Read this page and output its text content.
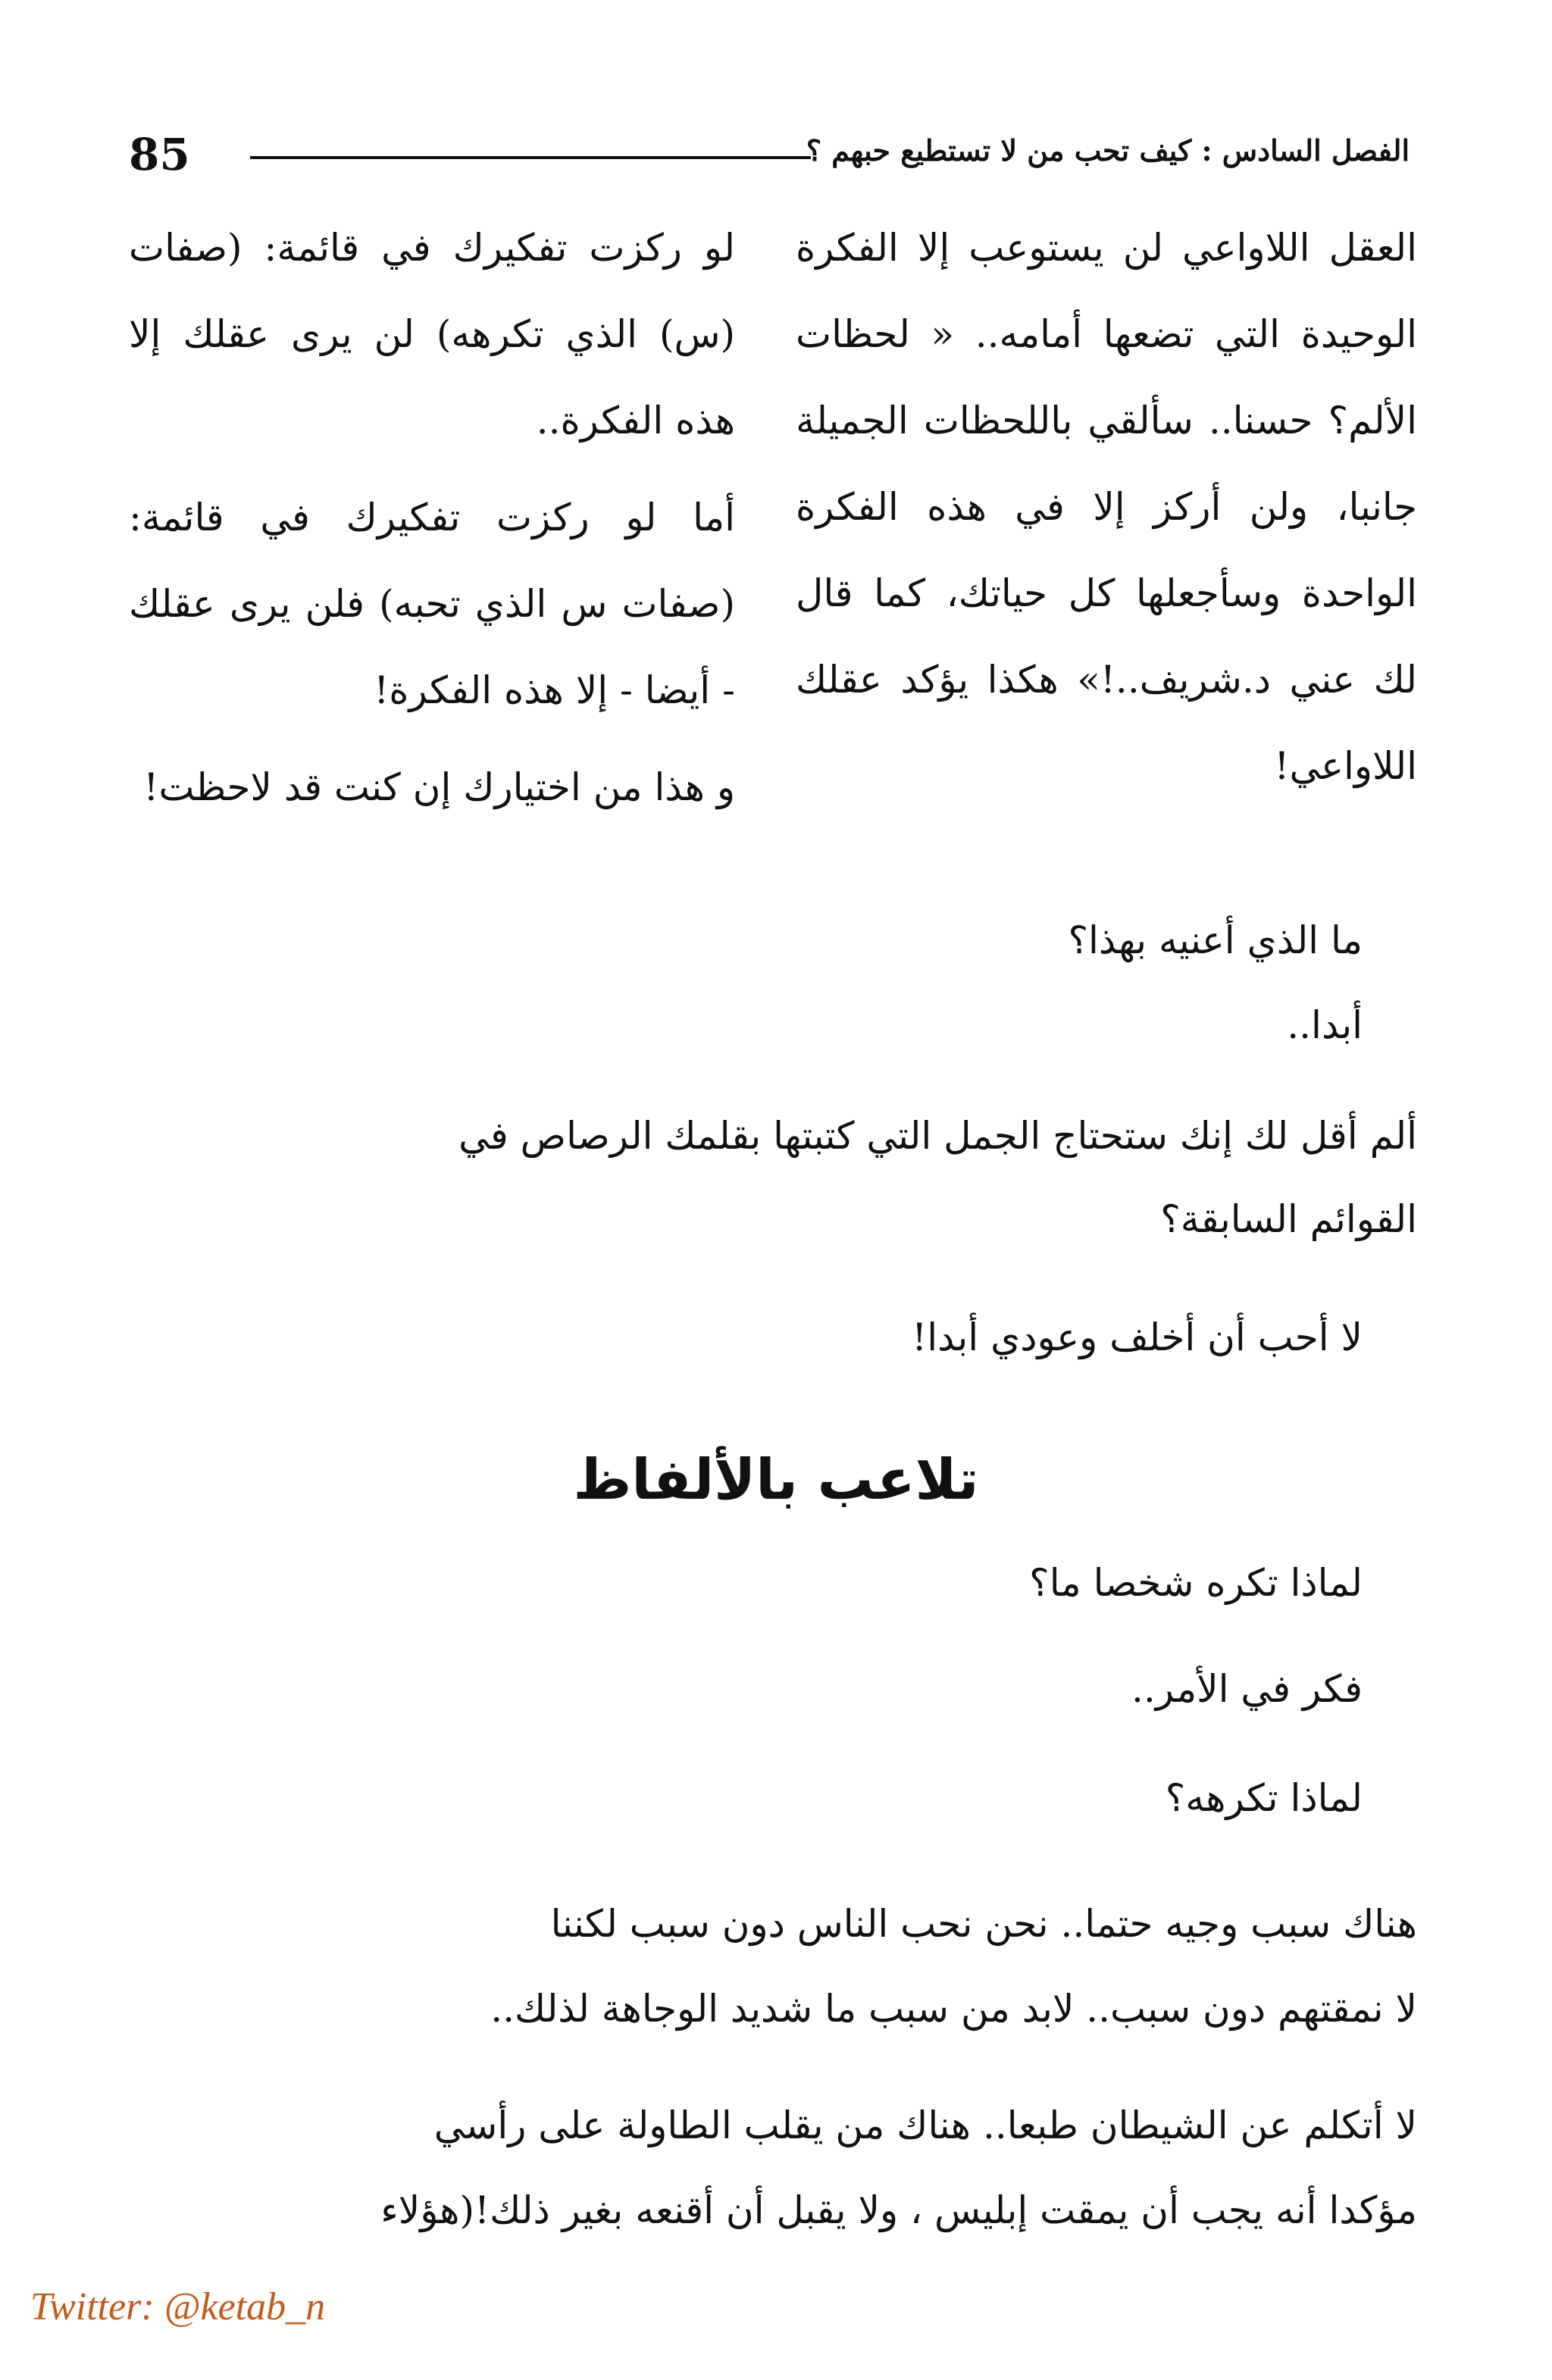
85	الفصل السادس : كيف تحب من لا تستطيع حبهم ؟

العقل اللاواعي لن يستوعب إلا الفكرة الوحيدة التي تضعها أمامه.. « لحظات الألم؟ حسنا.. سألقي باللحظات الجميلة جانبا، ولن أركز إلا في هذه الفكرة الواحدة وسأجعلها كل حياتك، كما قال لك عني د.شريف..!» هكذا يؤكد عقلك اللاواعي!

لو ركزت تفكيرك في قائمة: (صفات (س) الذي تكرهه) لن يرى عقلك إلا هذه الفكرة..

أما لو ركزت تفكيرك في قائمة: (صفات س الذي تحبه) فلن يرى عقلك - أيضا - إلا هذه الفكرة!

و هذا من اختيارك إن كنت قد لاحظت!

ما الذي أعنيه بهذا؟
أبدا..
ألم أقل لك إنك ستحتاج الجمل التي كتبتها بقلمك الرصاص في
القوائم السابقة؟
لا أحب أن أخلف وعودي أبدا!
تلاعب بالألفاظ
لماذا تكره شخصا ما؟
فكر في الأمر..
لماذا تكرهه؟
هناك سبب وجيه حتما.. نحن نحب الناس دون سبب لكننا
لا نمقتهم دون سبب.. لابد من سبب ما شديد الوجاهة لذلك..
لا أتكلم عن الشيطان طبعا.. هناك من يقلب الطاولة على رأسي
مؤكدا أنه يجب أن يمقت إبليس ، ولا يقبل أن أقنعه بغير ذلك!(هؤلاء
Twitter: @ketab_n
